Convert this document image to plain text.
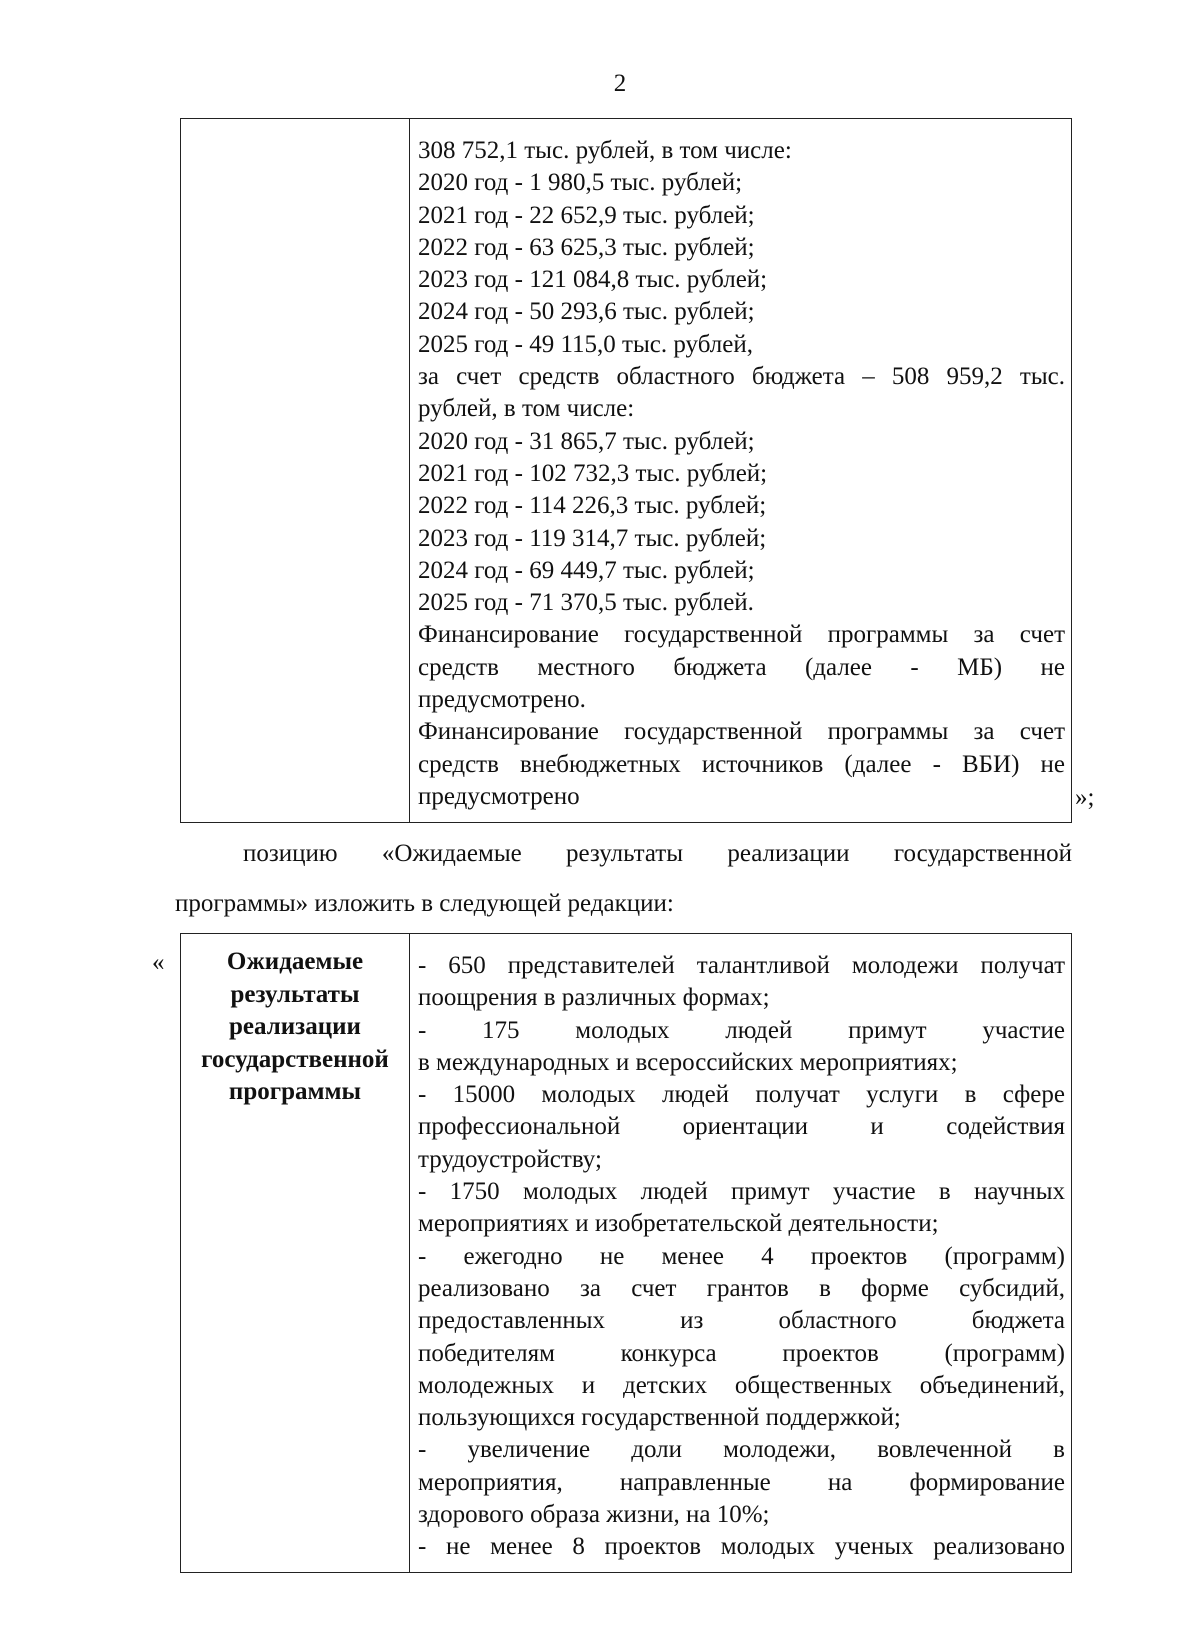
2
308 752,1 тыс. рублей, в том числе:
2020 год - 1 980,5 тыс. рублей;
2021 год - 22 652,9 тыс. рублей;
2022 год - 63 625,3 тыс. рублей;
2023 год - 121 084,8 тыс. рублей;
2024 год - 50 293,6 тыс. рублей;
2025 год - 49 115,0 тыс. рублей,
за счет средств областного бюджета – 508 959,2 тыс.
рублей, в том числе:
2020 год - 31 865,7 тыс. рублей;
2021 год - 102 732,3 тыс. рублей;
2022 год - 114 226,3 тыс. рублей;
2023 год - 119 314,7 тыс. рублей;
2024 год - 69 449,7 тыс. рублей;
2025 год - 71 370,5 тыс. рублей.
Финансирование государственной программы за счет
средств местного бюджета (далее - МБ) не
предусмотрено.
Финансирование государственной программы за счет
средств внебюджетных источников (далее - ВБИ) не
предусмотрено	»;
позицию «Ожидаемые результаты реализации государственной
программы» изложить в следующей редакции:
«	Ожидаемые
результаты
реализации
государственной
программы
- 650 представителей талантливой молодежи получат
поощрения в различных формах;
- 175 молодых людей примут участие
в международных и всероссийских мероприятиях;
- 15000 молодых людей получат услуги в сфере
профессиональной ориентации и содействия
трудоустройству;
- 1750 молодых людей примут участие в научных
мероприятиях и изобретательской деятельности;
- ежегодно не менее 4 проектов (программ)
реализовано за счет грантов в форме субсидий,
предоставленных из областного бюджета
победителям конкурса проектов (программ)
молодежных и детских общественных объединений,
пользующихся государственной поддержкой;
- увеличение доли молодежи, вовлеченной в
мероприятия, направленные на формирование
здорового образа жизни, на 10%;
- не менее 8 проектов молодых ученых реализовано
